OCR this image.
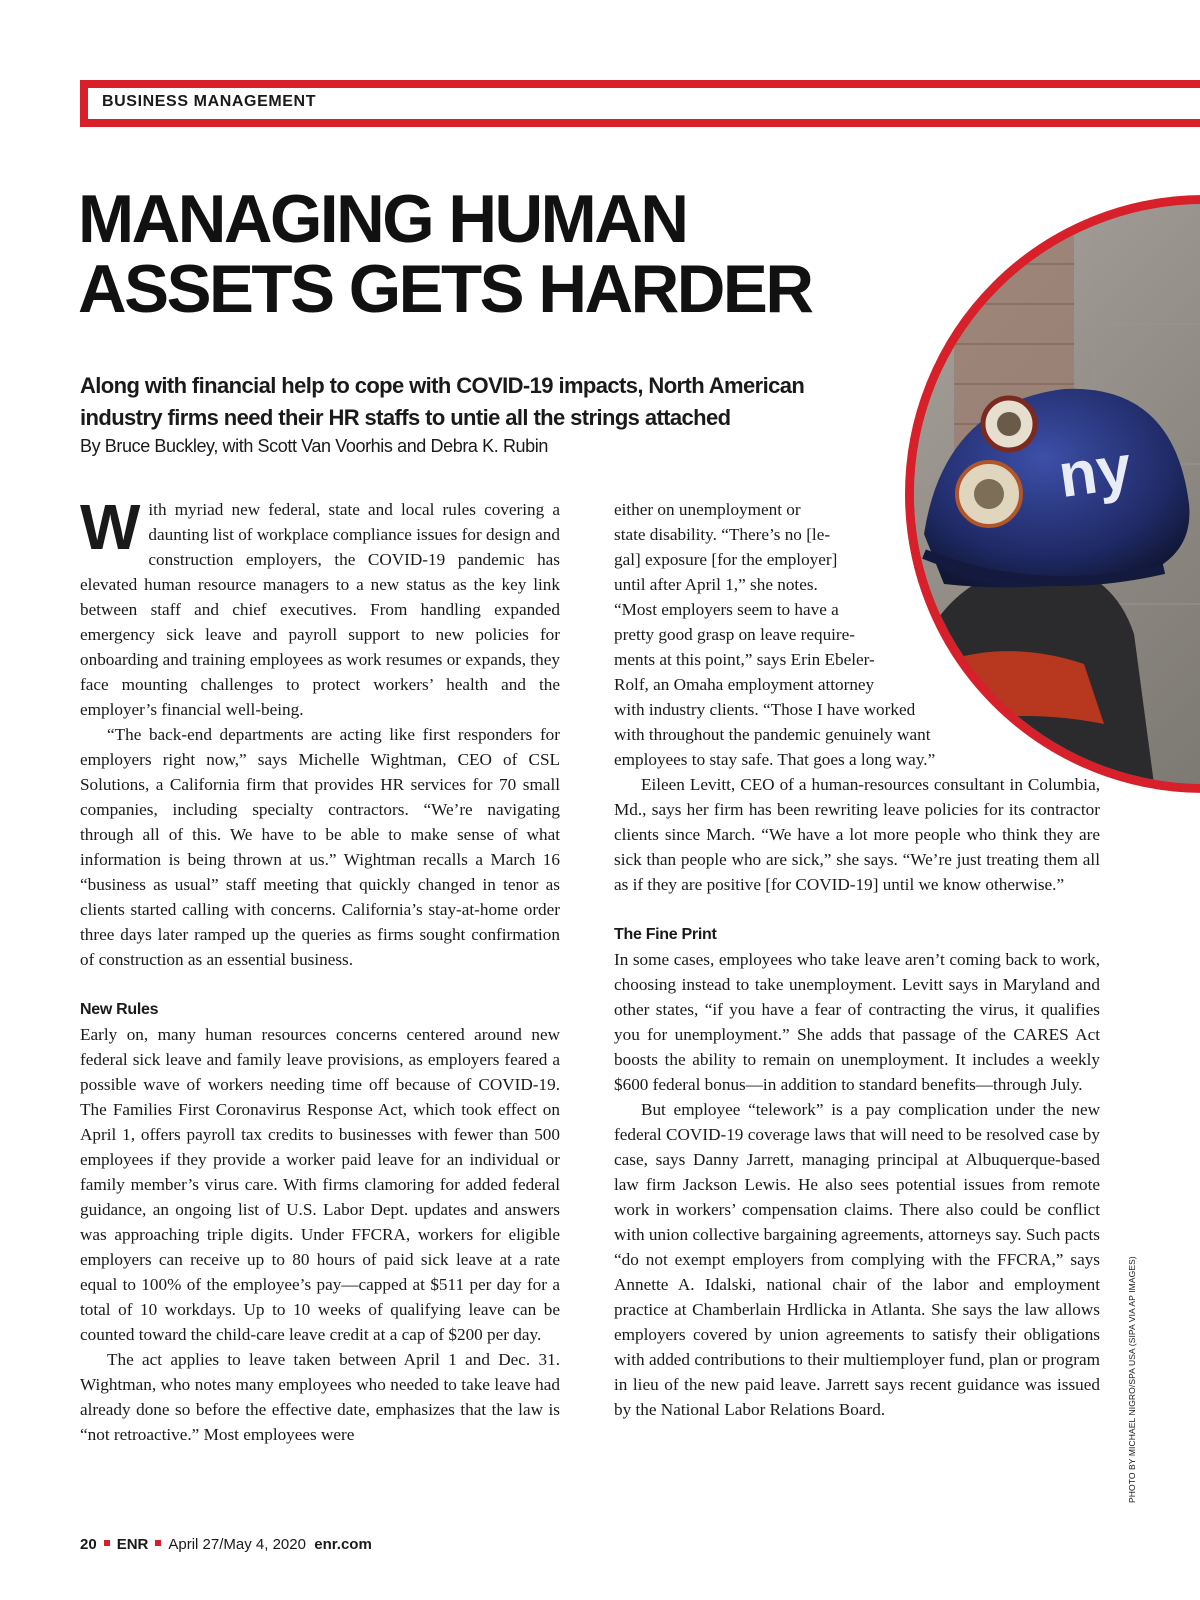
BUSINESS MANAGEMENT
MANAGING HUMAN
ASSETS GETS HARDER
Along with financial help to cope with COVID-19 impacts, North American
industry firms need their HR staffs to untie all the strings attached
By Bruce Buckley, with Scott Van Voorhis and Debra K. Rubin	ny

With myriad new federal, state and local rules covering a daunting list of workplace compliance issues for design and construction employers, the COVID-19 pandemic has elevated human resource managers to a new status as the key link between staff and chief executives. From handling expanded emergency sick leave and payroll support to new policies for onboarding and training employees as work resumes or expands, they face mounting challenges to protect workers’ health and the employer’s financial well-being.

“The back-end departments are acting like first responders for employers right now,” says Michelle Wightman, CEO of CSL Solutions, a California firm that provides HR services for 70 small companies, including specialty contractors. “We’re navigating through all of this. We have to be able to make sense of what information is being thrown at us.” Wightman recalls a March 16 “business as usual” staff meeting that quickly changed in tenor as clients started calling with concerns. California’s stay-at-home order three days later ramped up the queries as firms sought confirmation of construction as an essential business.

New Rules

Early on, many human resources concerns centered around new federal sick leave and family leave provisions, as employers feared a possible wave of workers needing time off because of COVID-19. The Families First Coronavirus Response Act, which took effect on April 1, offers payroll tax credits to businesses with fewer than 500 employees if they provide a worker paid leave for an individual or family member’s virus care. With firms clamoring for added federal guidance, an ongoing list of U.S. Labor Dept. updates and answers was approaching triple digits. Under FFCRA, workers for eligible employers can receive up to 80 hours of paid sick leave at a rate equal to 100% of the employee’s pay—capped at $511 per day for a total of 10 workdays. Up to 10 weeks of qualifying leave can be counted toward the child-care leave credit at a cap of $200 per day.

The act applies to leave taken between April 1 and Dec. 31. Wightman, who notes many employees who needed to take leave had already done so before the effective date, emphasizes that the law is “not retroactive.” Most employees were

either on unemployment or
state disability. “There’s no [le-
gal] exposure [for the employer]
until after April 1,” she notes.
“Most employers seem to have a
pretty good grasp on leave require-
ments at this point,” says Erin Ebeler-
Rolf, an Omaha employment attorney
with industry clients. “Those I have worked
with throughout the pandemic genuinely want
employees to stay safe. That goes a long way.”

Eileen Levitt, CEO of a human-resources consultant in Columbia, Md., says her firm has been rewriting leave policies for its contractor clients since March. “We have a lot more people who think they are sick than people who are sick,” she says. “We’re just treating them all as if they are positive [for COVID-19] until we know otherwise.”

The Fine Print

In some cases, employees who take leave aren’t coming back to work, choosing instead to take unemployment. Levitt says in Maryland and other states, “if you have a fear of contracting the virus, it qualifies you for unemployment.” She adds that passage of the CARES Act boosts the ability to remain on unemployment. It includes a weekly $600 federal bonus—in addition to standard benefits—through July.

But employee “telework” is a pay complication under the new federal COVID-19 coverage laws that will need to be resolved case by case, says Danny Jarrett, managing principal at Albuquerque-based law firm Jackson Lewis. He also sees potential issues from remote work in workers’ compensation claims. There also could be conflict with union collective bargaining agreements, attorneys say. Such pacts “do not exempt employers from complying with the FFCRA,” says Annette A. Idalski, national chair of the labor and employment practice at Chamberlain Hrdlicka in Atlanta. She says the law allows employers covered by union agreements to satisfy their obligations with added contributions to their multiemployer fund, plan or program in lieu of the new paid leave. Jarrett says recent guidance was issued by the National Labor Relations Board.

20 ENR April 27/May 4, 2020 enr.com
PHOTO BY MICHAEL NIGRO/SPA USA (SIPA VIA AP IMAGES)
